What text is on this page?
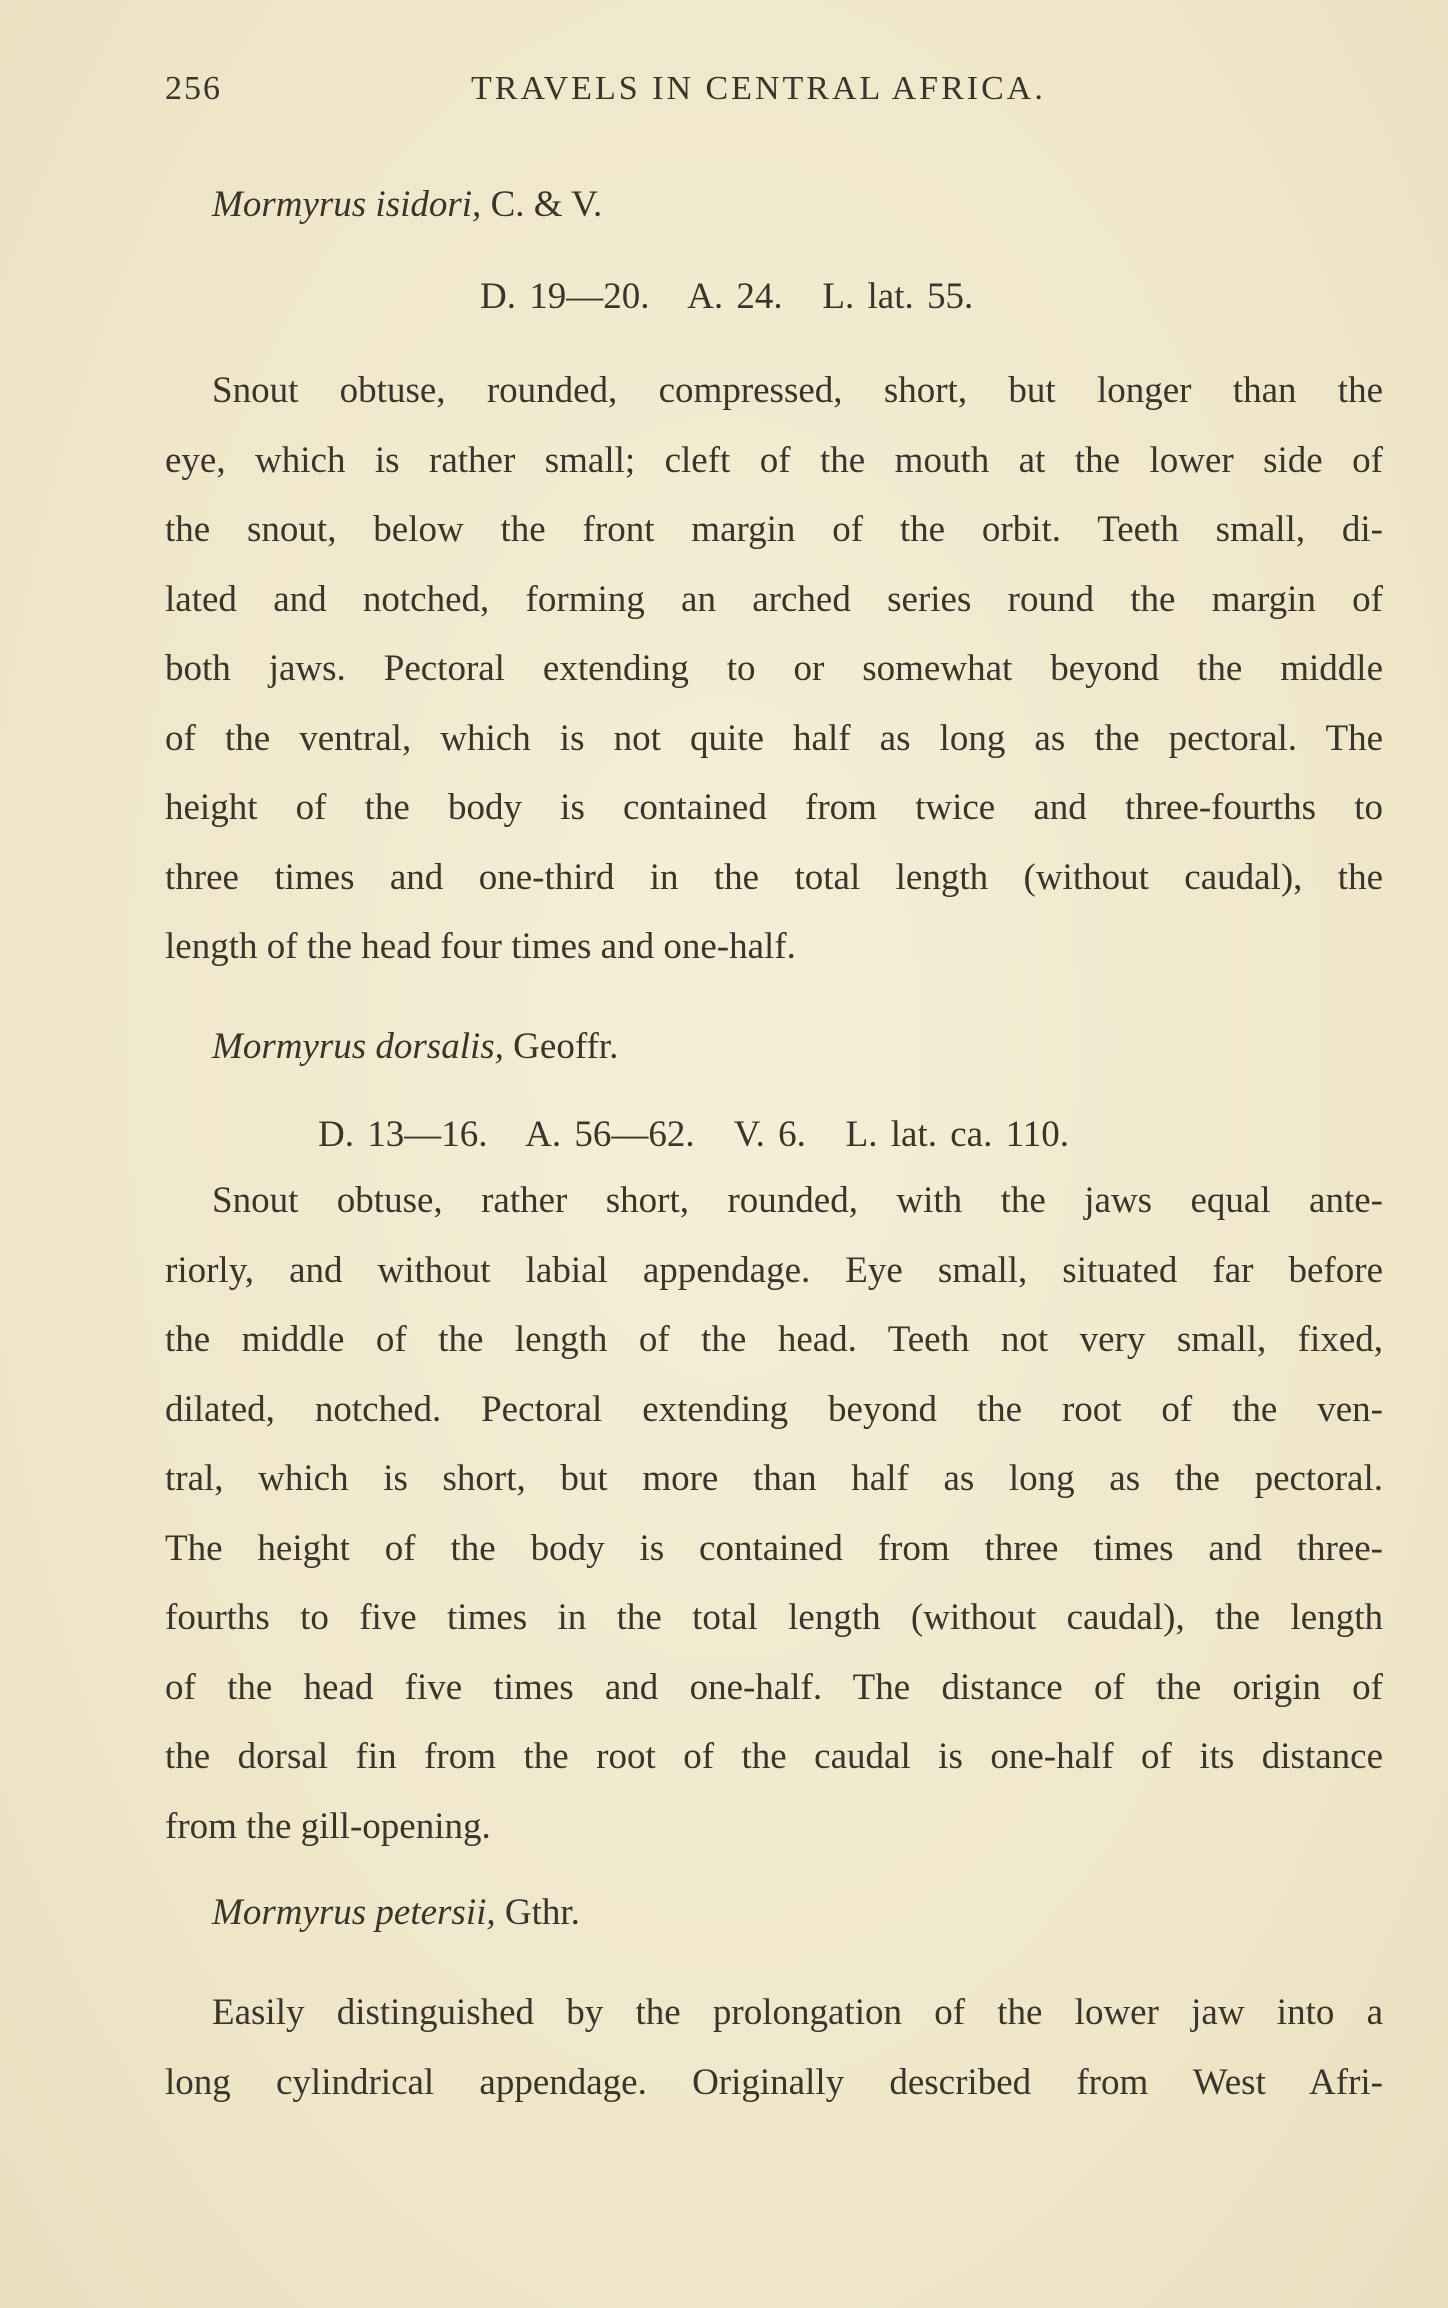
256	TRAVELS IN CENTRAL AFRICA.
Mormyrus isidori, C. & V.
D. 19—20.   A. 24.   L. lat. 55.
Snout obtuse, rounded, compressed, short, but longer than the
eye, which is rather small; cleft of the mouth at the lower side of
the snout, below the front margin of the orbit. Teeth small, di-
lated and notched, forming an arched series round the margin of
both jaws. Pectoral extending to or somewhat beyond the middle
of the ventral, which is not quite half as long as the pectoral. The
height of the body is contained from twice and three-fourths to
three times and one-third in the total length (without caudal), the
length of the head four times and one-half.
Mormyrus dorsalis, Geoffr.
D. 13—16.   A. 56—62.   V. 6.   L. lat. ca. 110.
Snout obtuse, rather short, rounded, with the jaws equal ante-
riorly, and without labial appendage. Eye small, situated far before
the middle of the length of the head. Teeth not very small, fixed,
dilated, notched. Pectoral extending beyond the root of the ven-
tral, which is short, but more than half as long as the pectoral.
The height of the body is contained from three times and three-
fourths to five times in the total length (without caudal), the length
of the head five times and one-half. The distance of the origin of
the dorsal fin from the root of the caudal is one-half of its distance
from the gill-opening.
Mormyrus petersii, Gthr.
Easily distinguished by the prolongation of the lower jaw into a
long cylindrical appendage. Originally described from West Afri-
